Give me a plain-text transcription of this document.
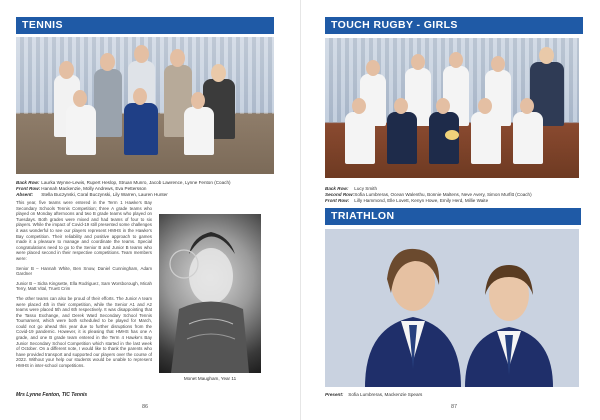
TENNIS
Back Row: Laurka Wynne-Lewis, Rupert Heslop, Struan Munro, Jacob Lawrence, Lynne Fenton (Coach)
Front Row: Hannah Mackenzie, Molly Andrews, Eva Pettersson
Absent: Stella Buczynski, Coral Buczynski, Lily Warren, Lauren Hunter

This year, five teams were entered in the Term 1 Hawke's Bay Secondary Schools Tennis Competition; three A grade teams who played on Monday afternoons and two B grade teams who played on Tuesdays. Both grades were mixed and had teams of four to six players. While the impact of Covid-19 still presented some challenges it was wonderful to see our players represent HMHS in the Hawke's Bay competition. Their reliability and positive approach to games made it a pleasure to manage and coordinate the teams. Special congratulations need to go to the Senior B and Junior B teams who were placed second in their respective competitions. Team members were:

Senior B – Hannah White, Ben Snow, Daniel Cunningham, Adam Gardner

Junior B – Sidra Kingsette, Ella Rodriguez, Sam Worsborough, Micah Terry, Matt Vital, Truett Crim

The other teams can also be proud of their efforts. The Junior A team were placed 4th in their competition, while the Senior A1 and A2 teams were placed 5th and 6th respectively. It was disappointing that the Tasso Exchange, and Derek Ward Secondary School Tennis Tournament, which were both scheduled to be played for March, could not go ahead this year due to further disruptions from the Covid-19 pandemic. However, it is pleasing that HMHS has one A grade, and one B grade team entered in the Term 4 Hawke's Bay Junior Secondary School Competition which started in the last week of October. On a different note, I would like to thank the parents who have provided transport and supported our players over the course of 2022. Without your help our students would be unable to represent HMHS in inter-school competitions.

Monet Maugham, Year 11
Mrs Lynne Fenton, TIC Tennis
86
TOUCH RUGBY - GIRLS
Back Row: Lucy Smith
Second Row: Sofia Lumbreras, Ocean Walenthu, Bonnie Maltens, Neve Avery, Simon Murfitt (Coach)
Front Row: Lilly Hammond, Elle Lovett, Kenyn Howe, Emily Herd, Millie Waite
TRIATHLON
Present: Sofia Lumbreras, Mackenzie Spears
87
